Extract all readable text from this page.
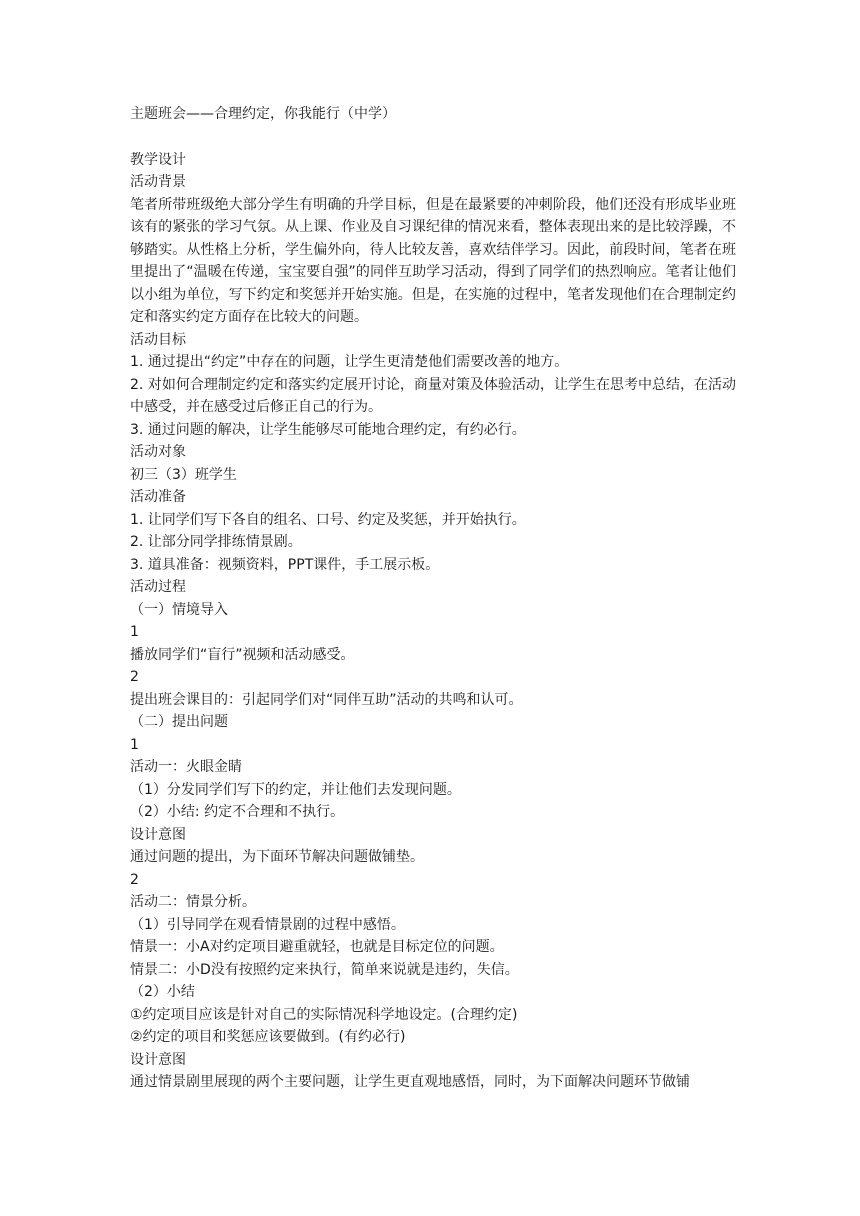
主题班会——合理约定，你我能行（中学）
教学设计
活动背景
笔者所带班级绝大部分学生有明确的升学目标，但是在最紧要的冲刺阶段，他们还没有形成毕业班该有的紧张的学习气氛。从上课、作业及自习课纪律的情况来看，整体表现出来的是比较浮躁，不够踏实。从性格上分析，学生偏外向，待人比较友善，喜欢结伴学习。因此，前段时间，笔者在班里提出了“温暖在传递，宝宝要自强”的同伴互助学习活动，得到了同学们的热烈响应。笔者让他们以小组为单位，写下约定和奖惩并开始实施。但是，在实施的过程中，笔者发现他们在合理制定约定和落实约定方面存在比较大的问题。
活动目标
1. 通过提出“约定”中存在的问题，让学生更清楚他们需要改善的地方。
2. 对如何合理制定约定和落实约定展开讨论，商量对策及体验活动，让学生在思考中总结，在活动中感受，并在感受过后修正自己的行为。
3. 通过问题的解决，让学生能够尽可能地合理约定，有约必行。
活动对象
初三（3）班学生
活动准备
1. 让同学们写下各自的组名、口号、约定及奖惩，并开始执行。
2. 让部分同学排练情景剧。
3. 道具准备：视频资料，PPT课件，手工展示板。
活动过程
（一）情境导入
1
播放同学们“盲行”视频和活动感受。
2
提出班会课目的：引起同学们对“同伴互助”活动的共鸣和认可。
（二）提出问题
1
活动一：火眼金睛
（1）分发同学们写下的约定，并让他们去发现问题。
（2）小结: 约定不合理和不执行。
设计意图
通过问题的提出，为下面环节解决问题做铺垫。
2
活动二：情景分析。
（1）引导同学在观看情景剧的过程中感悟。
情景一：小A对约定项目避重就轻，也就是目标定位的问题。
情景二：小D没有按照约定来执行，简单来说就是违约，失信。
（2）小结
①约定项目应该是针对自己的实际情况科学地设定。(合理约定)
②约定的项目和奖惩应该要做到。(有约必行)
设计意图
通过情景剧里展现的两个主要问题，让学生更直观地感悟，同时，为下面解决问题环节做铺
